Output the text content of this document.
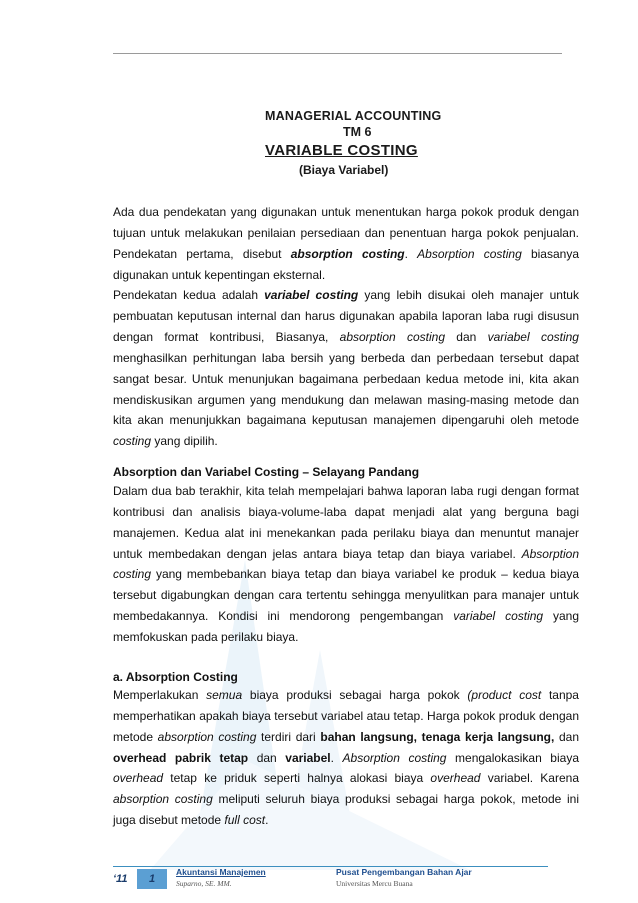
MANAGERIAL ACCOUNTING
TM 6
VARIABLE COSTING
(Biaya Variabel)

Ada dua pendekatan yang digunakan untuk menentukan harga pokok produk dengan tujuan untuk melakukan penilaian persediaan dan penentuan harga pokok penjualan. Pendekatan pertama, disebut absorption costing. Absorption costing biasanya digunakan untuk kepentingan eksternal.

Pendekatan kedua adalah variabel costing yang lebih disukai oleh manajer untuk pembuatan keputusan internal dan harus digunakan apabila laporan laba rugi disusun dengan format kontribusi, Biasanya, absorption costing dan variabel costing menghasilkan perhitungan laba bersih yang berbeda dan perbedaan tersebut dapat sangat besar. Untuk menunjukan bagaimana perbedaan kedua metode ini, kita akan mendiskusikan argumen yang mendukung dan melawan masing-masing metode dan kita akan menunjukkan bagaimana keputusan manajemen dipengaruhi oleh metode costing yang dipilih.

Absorption dan Variabel Costing – Selayang Pandang

Dalam dua bab terakhir, kita telah mempelajari bahwa laporan laba rugi dengan format kontribusi dan analisis biaya-volume-laba dapat menjadi alat yang berguna bagi manajemen. Kedua alat ini menekankan pada perilaku biaya dan menuntut manajer untuk membedakan dengan jelas antara biaya tetap dan biaya variabel. Absorption costing yang membebankan biaya tetap dan biaya variabel ke produk – kedua biaya tersebut digabungkan dengan cara tertentu sehingga menyulitkan para manajer untuk membedakannya. Kondisi ini mendorong pengembangan variabel costing yang memfokuskan pada perilaku biaya.

a. Absorption Costing

Memperlakukan semua biaya produksi sebagai harga pokok (product cost tanpa memperhatikan apakah biaya tersebut variabel atau tetap. Harga pokok produk dengan metode absorption costing terdiri dari bahan langsung, tenaga kerja langsung, dan overhead pabrik tetap dan variabel. Absorption costing mengalokasikan biaya overhead tetap ke priduk seperti halnya alokasi biaya overhead variabel. Karena absorption costing meliputi seluruh biaya produksi sebagai harga pokok, metode ini juga disebut metode full cost.

‘11	1
Akuntansi Manajemen
Suparno, SE. MM.
Pusat Pengembangan Bahan Ajar
Universitas Mercu Buana
